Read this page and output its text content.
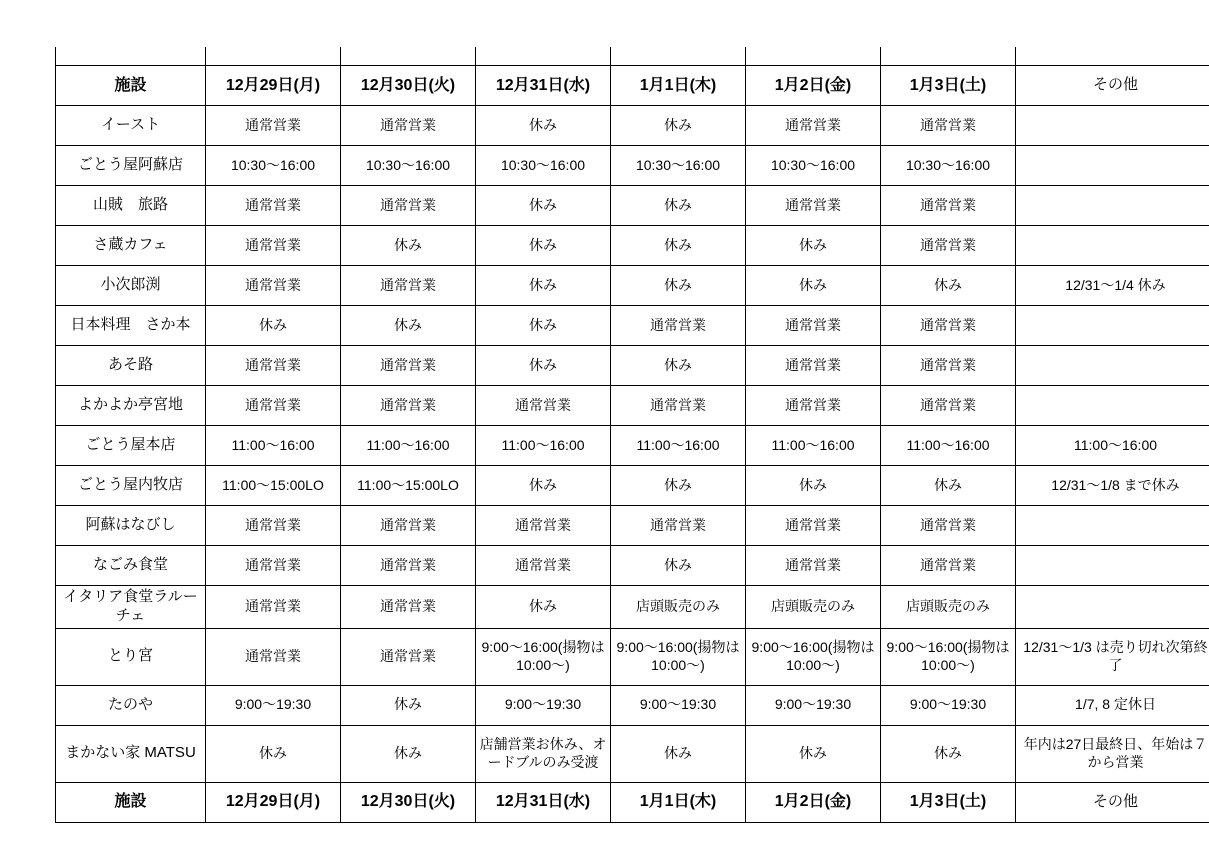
施設	12月29日(月)	12月30日(火)	12月31日(水)	1月1日(木)	1月2日(金)	1月3日(土)	その他
イースト	通常営業	通常営業	休み	休み	通常営業	通常営業	
ごとう屋阿蘇店	10:30〜16:00	10:30〜16:00	10:30〜16:00	10:30〜16:00	10:30〜16:00	10:30〜16:00	
山賊　旅路	通常営業	通常営業	休み	休み	通常営業	通常営業	
さ蔵カフェ	通常営業	休み	休み	休み	休み	通常営業	
小次郎渕	通常営業	通常営業	休み	休み	休み	休み	12/31〜1/4 休み
日本料理　さか本	休み	休み	休み	通常営業	通常営業	通常営業	
あそ路	通常営業	通常営業	休み	休み	通常営業	通常営業	
よかよか亭宮地	通常営業	通常営業	通常営業	通常営業	通常営業	通常営業	
ごとう屋本店	11:00〜16:00	11:00〜16:00	11:00〜16:00	11:00〜16:00	11:00〜16:00	11:00〜16:00	11:00〜16:00
ごとう屋内牧店	11:00〜15:00LO	11:00〜15:00LO	休み	休み	休み	休み	12/31〜1/8 まで休み
阿蘇はなびし	通常営業	通常営業	通常営業	通常営業	通常営業	通常営業	
なごみ食堂	通常営業	通常営業	通常営業	休み	通常営業	通常営業	
イタリア食堂ラルーチェ	通常営業	通常営業	休み	店頭販売のみ	店頭販売のみ	店頭販売のみ	
とり宮	通常営業	通常営業	9:00〜16:00(揚物は 10:00〜)	9:00〜16:00(揚物は 10:00〜)	9:00〜16:00(揚物は 10:00〜)	9:00〜16:00(揚物は 10:00〜)	12/31〜1/3 は売り切れ次第終了
たのや	9:00〜19:30	休み	9:00〜19:30	9:00〜19:30	9:00〜19:30	9:00〜19:30	1/7, 8 定休日
まかない家 MATSU	休み	休み	店舗営業お休み、オードブルのみ受渡	休み	休み	休み	年内は27日最終日、年始は７から営業
施設	12月29日(月)	12月30日(火)	12月31日(水)	1月1日(木)	1月2日(金)	1月3日(土)	その他
